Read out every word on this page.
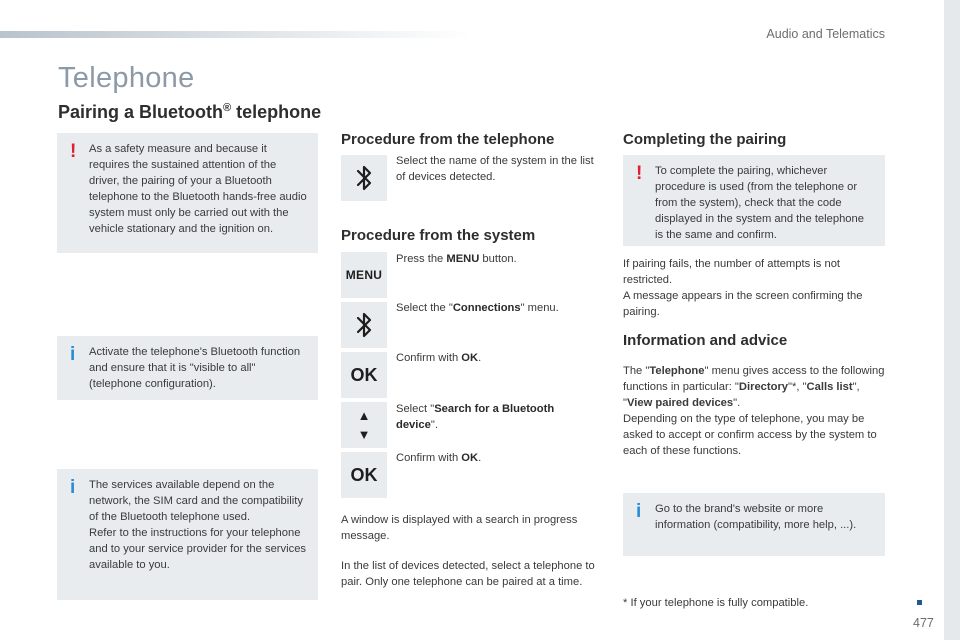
Audio and Telematics
Telephone
Pairing a Bluetooth® telephone
! As a safety measure and because it requires the sustained attention of the driver, the pairing of your a Bluetooth telephone to the Bluetooth hands-free audio system must only be carried out with the vehicle stationary and the ignition on.
i Activate the telephone's Bluetooth function and ensure that it is "visible to all" (telephone configuration).
i The services available depend on the network, the SIM card and the compatibility of the Bluetooth telephone used.
Refer to the instructions for your telephone and to your service provider for the services available to you.
Procedure from the telephone
Select the name of the system in the list of devices detected.
Procedure from the system
MENU
Press the MENU button.
Select the "Connections" menu.
OK
Confirm with OK.
▲
▼
Select "Search for a Bluetooth device".
OK
Confirm with OK.
A window is displayed with a search in progress message.
In the list of devices detected, select a telephone to pair. Only one telephone can be paired at a time.
Completing the pairing
! To complete the pairing, whichever procedure is used (from the telephone or from the system), check that the code displayed in the system and the telephone is the same and confirm.
If pairing fails, the number of attempts is not restricted.
A message appears in the screen confirming the pairing.
Information and advice
The "Telephone" menu gives access to the following functions in particular: "Directory"*, "Calls list", "View paired devices".
Depending on the type of telephone, you may be asked to accept or confirm access by the system to each of these functions.
i Go to the brand's website or more information (compatibility, more help, ...).
* If your telephone is fully compatible.
477
